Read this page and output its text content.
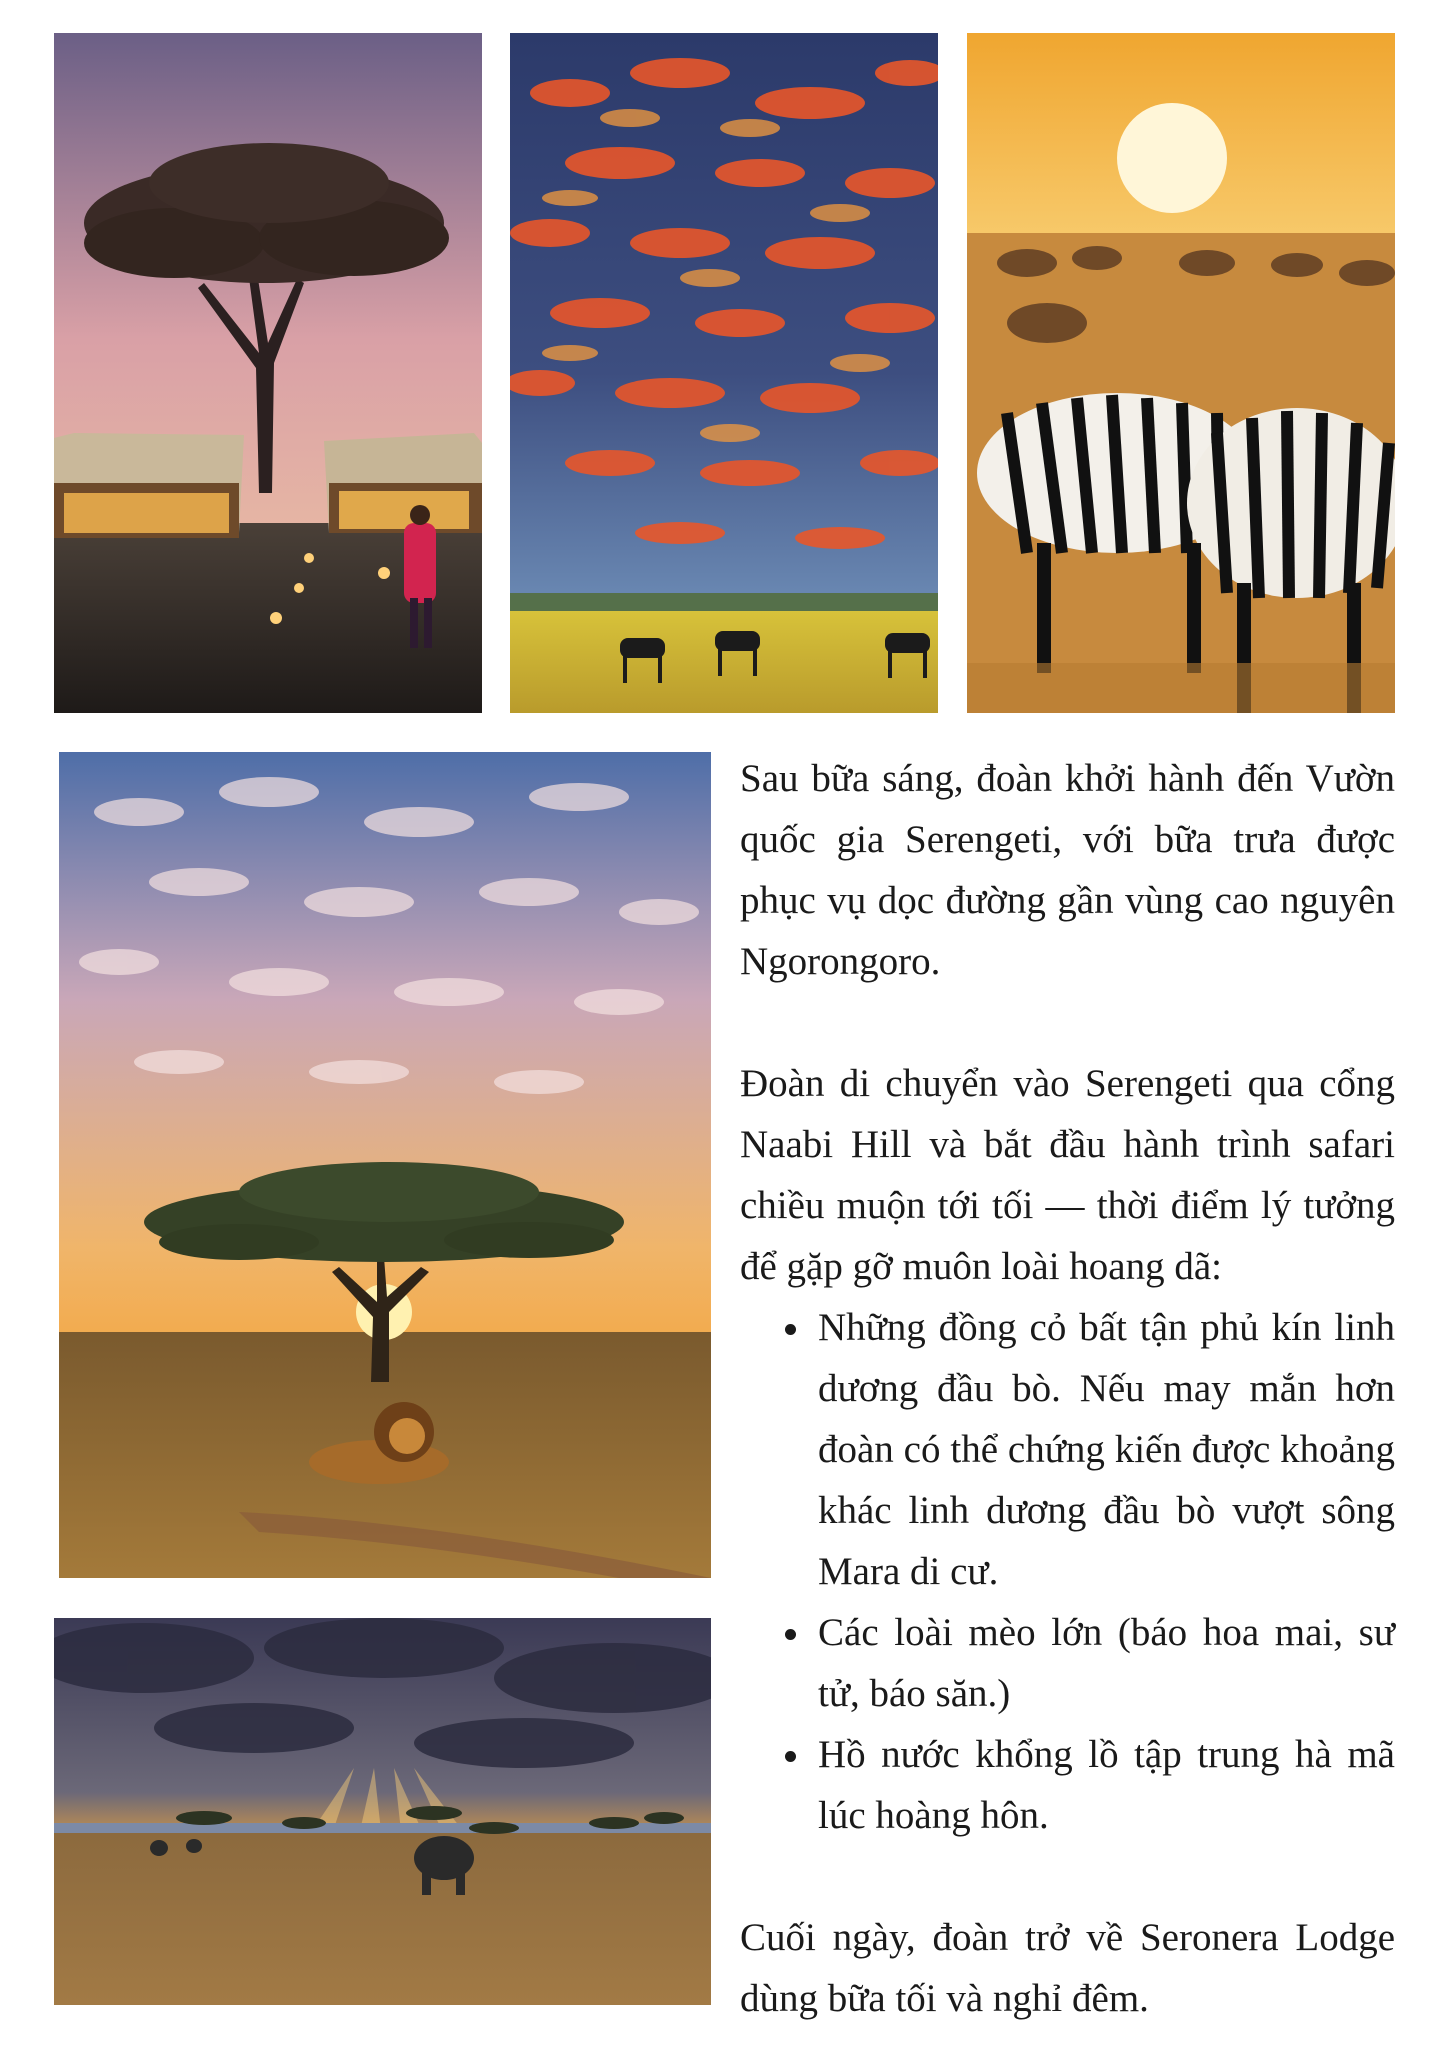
Sau bữa sáng, đoàn khởi hành đến Vườn quốc gia Serengeti, với bữa trưa được phục vụ dọc đường gần vùng cao nguyên Ngorongoro.

Đoàn di chuyển vào Serengeti qua cổng Naabi Hill và bắt đầu hành trình safari chiều muộn tới tối — thời điểm lý tưởng để gặp gỡ muôn loài hoang dã:

• Những đồng cỏ bất tận phủ kín linh dương đầu bò. Nếu may mắn hơn đoàn có thể chứng kiến được khoảng khác linh dương đầu bò vượt sông Mara di cư.
• Các loài mèo lớn (báo hoa mai, sư tử, báo săn.)
• Hồ nước khổng lồ tập trung hà mã lúc hoàng hôn.

Cuối ngày, đoàn trở về Seronera Lodge dùng bữa tối và nghỉ đêm.
